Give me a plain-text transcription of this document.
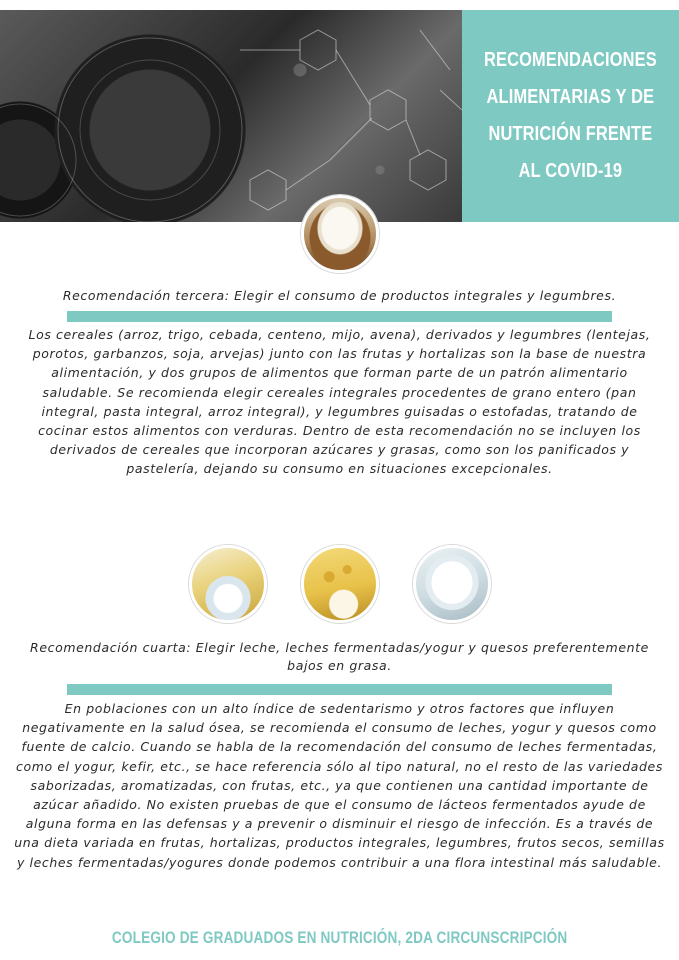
RECOMENDACIONES ALIMENTARIAS Y DE NUTRICIÓN FRENTE AL COVID-19

Recomendación tercera: Elegir el consumo de productos integrales y legumbres.

Los cereales (arroz, trigo, cebada, centeno, mijo, avena), derivados y legumbres (lentejas, porotos, garbanzos, soja, arvejas) junto con las frutas y hortalizas son la base de nuestra alimentación, y dos grupos de alimentos que forman parte de un patrón alimentario saludable. Se recomienda elegir cereales integrales procedentes de grano entero (pan integral, pasta integral, arroz integral), y legumbres guisadas o estofadas, tratando de cocinar estos alimentos con verduras. Dentro de esta recomendación no se incluyen los derivados de cereales que incorporan azúcares y grasas, como son los panificados y pastelería, dejando su consumo en situaciones excepcionales.

Recomendación cuarta: Elegir leche, leches fermentadas/yogur y quesos preferentemente bajos en grasa.

En poblaciones con un alto índice de sedentarismo y otros factores que influyen negativamente en la salud ósea, se recomienda el consumo de leches, yogur y quesos como fuente de calcio. Cuando se habla de la recomendación del consumo de leches fermentadas, como el yogur, kefir, etc., se hace referencia sólo al tipo natural, no el resto de las variedades saborizadas, aromatizadas, con frutas, etc., ya que contienen una cantidad importante de azúcar añadido. No existen pruebas de que el consumo de lácteos fermentados ayude de alguna forma en las defensas y a prevenir o disminuir el riesgo de infección. Es a través de una dieta variada en frutas, hortalizas, productos integrales, legumbres, frutos secos, semillas y leches fermentadas/yogures donde podemos contribuir a una flora intestinal más saludable.

COLEGIO DE GRADUADOS EN NUTRICIÓN, 2DA CIRCUNSCRIPCIÓN
